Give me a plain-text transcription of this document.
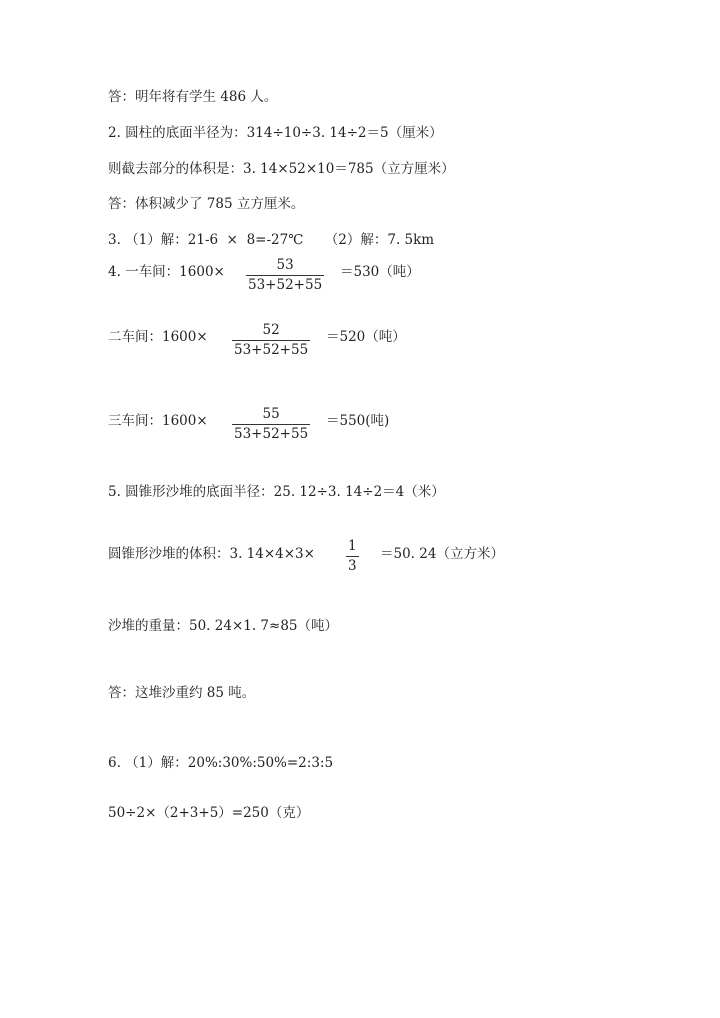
答：明年将有学生 486 人。
2. 圆柱的底面半径为：314÷10÷3. 14÷2＝5（厘米）
则截去部分的体积是：3. 14×52×10＝785（立方厘米）
答：体积减少了 785 立方厘米。
3. （1）解：21-6  ×  8=-27℃     （2）解：7. 5km
4. 一车间：1600×	53
53+52+55
＝530（吨）
二车间：1600×	52
53+52+55
＝520（吨）
三车间：1600×	55
53+52+55
＝550(吨)
5. 圆锥形沙堆的底面半径：25. 12÷3. 14÷2＝4（米）
圆锥形沙堆的体积：3. 14×4×3× 1
3
＝50. 24（立方米）
沙堆的重量：50. 24×1. 7≈85（吨）
答：这堆沙重约 85 吨。
6. （1）解：20%:30%:50%=2:3:5
50÷2×（2+3+5）=250（克）
